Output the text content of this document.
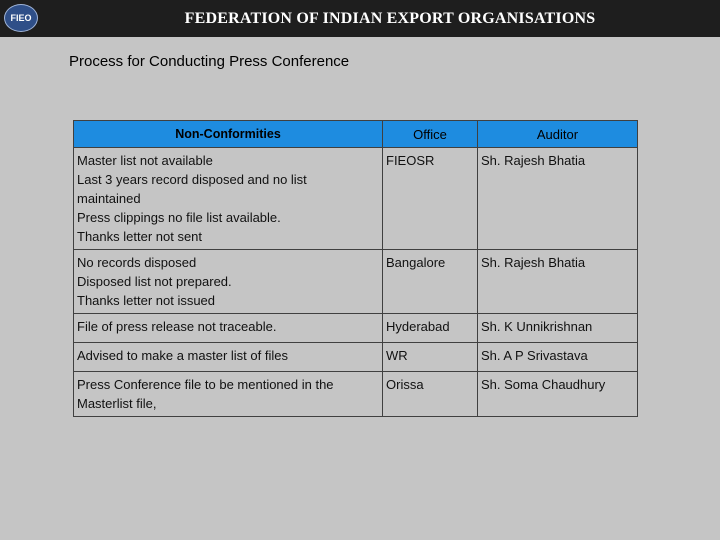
FIEO	FEDERATION OF INDIAN EXPORT ORGANISATIONS
Process for Conducting Press Conference
Non-Conformities	Office	Auditor

Master list not available
Last 3 years record disposed and no list
maintained
Press clippings no file list available.
Thanks letter not sent	FIEOSR	Sh. Rajesh Bhatia

No records disposed
Disposed list not prepared.
Thanks letter not issued	Bangalore	Sh. Rajesh Bhatia

File of press release not traceable.	Hyderabad	Sh. K Unnikrishnan

Advised to make a master list of files	WR	Sh. A P Srivastava

Press Conference file to be mentioned in the
Masterlist file,	Orissa	Sh. Soma Chaudhury
